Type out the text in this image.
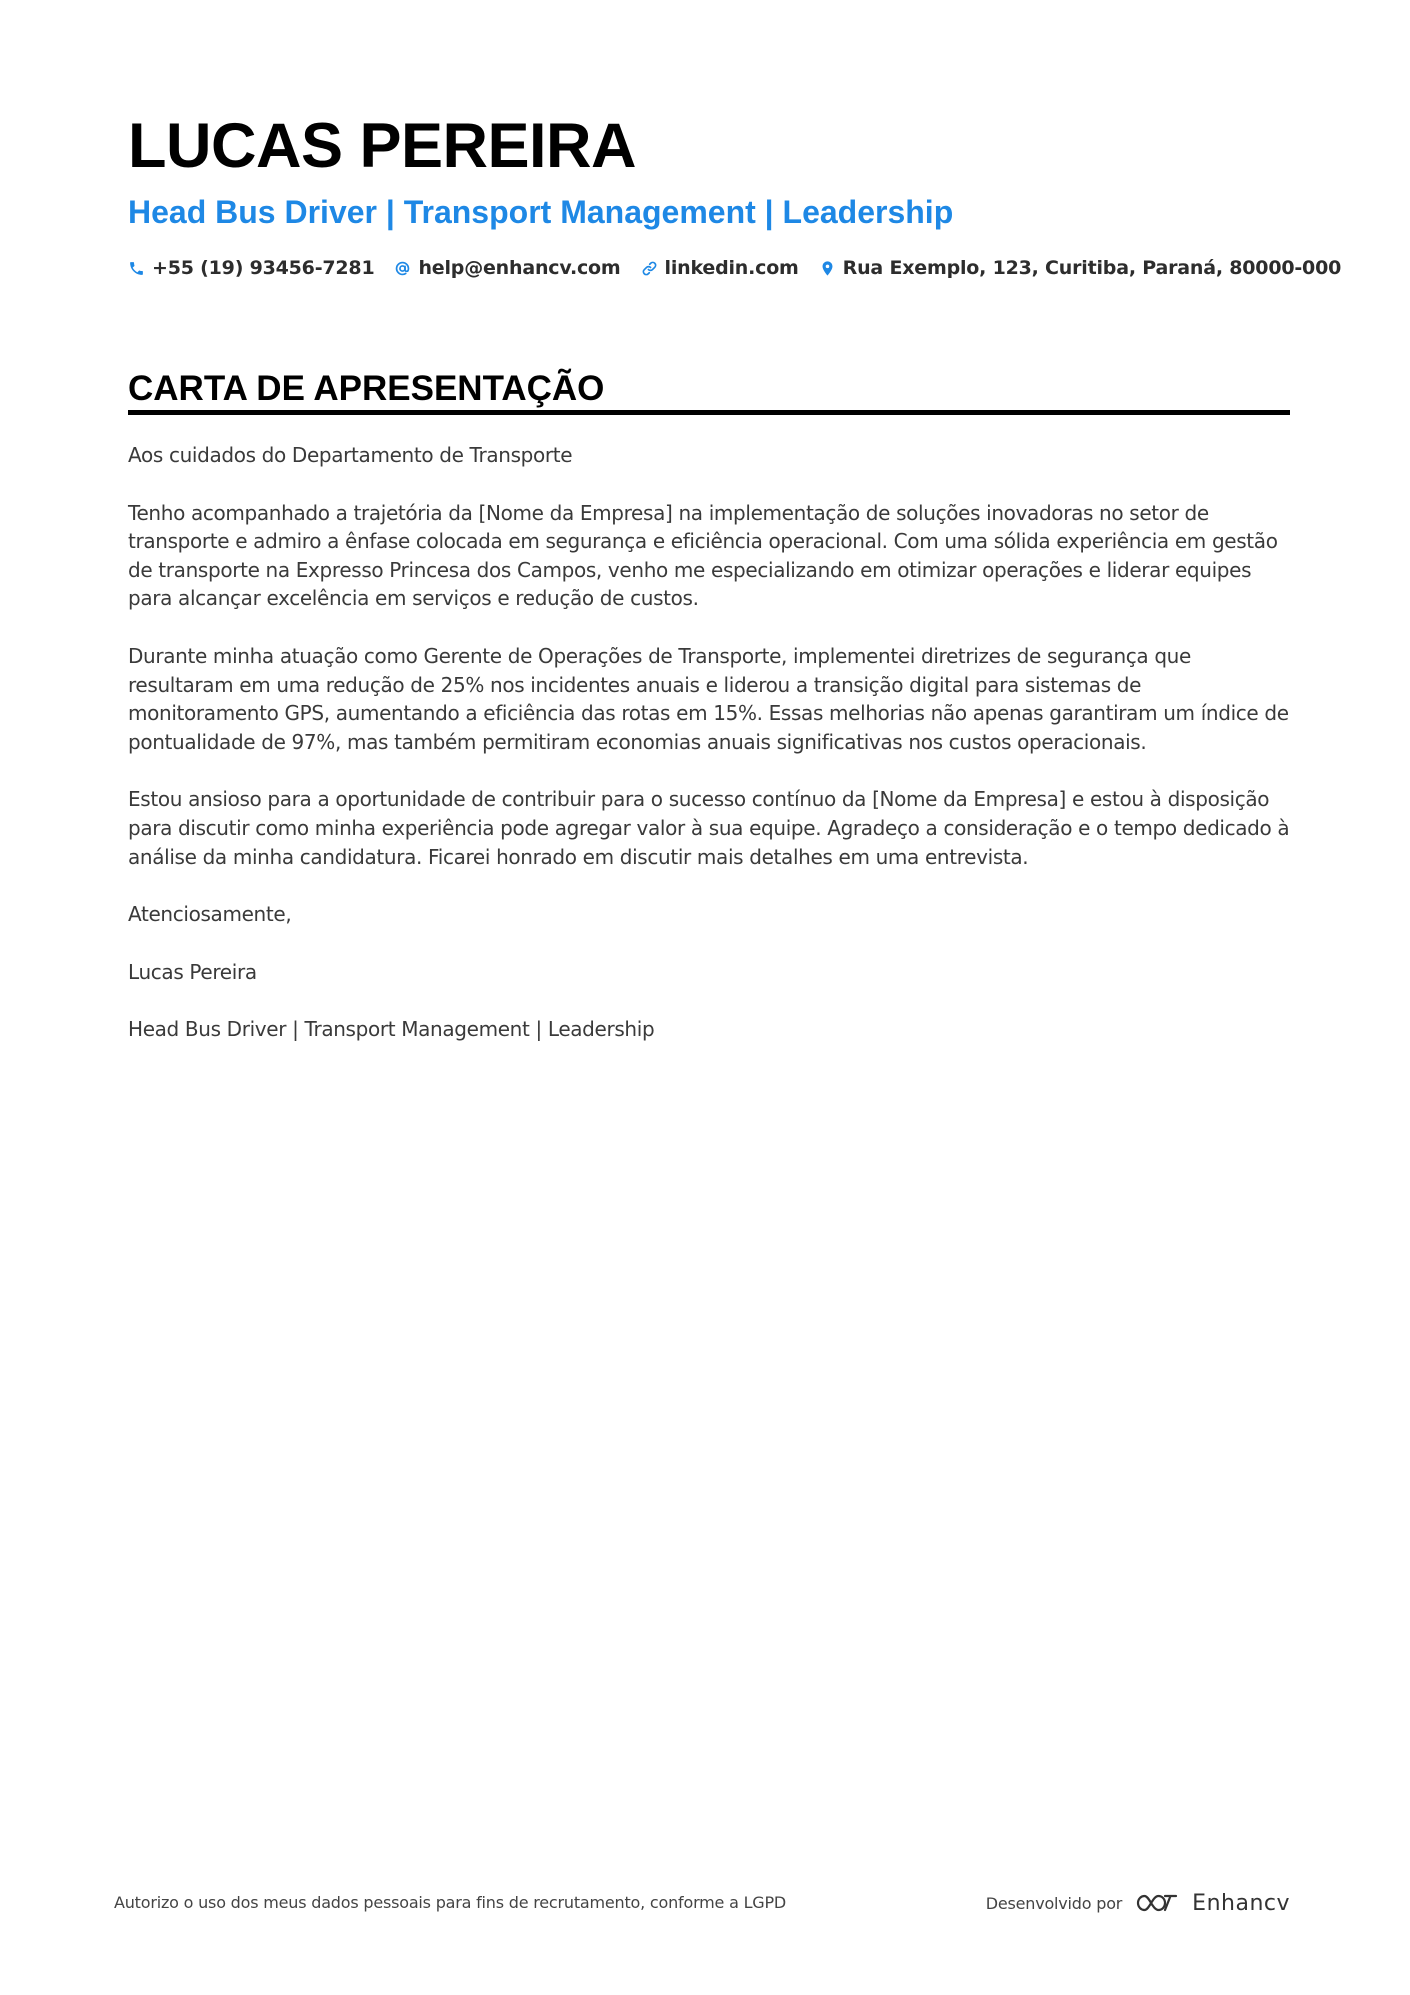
LUCAS PEREIRA
Head Bus Driver | Transport Management | Leadership
+55 (19) 93456-7281 help@enhancv.com linkedin.com Rua Exemplo, 123, Curitiba, Paraná, 80000-000
CARTA DE APRESENTAÇÃO

Aos cuidados do Departamento de Transporte

Tenho acompanhado a trajetória da [Nome da Empresa] na implementação de soluções inovadoras no setor de transporte e admiro a ênfase colocada em segurança e eficiência operacional. Com uma sólida experiência em gestão de transporte na Expresso Princesa dos Campos, venho me especializando em otimizar operações e liderar equipes para alcançar excelência em serviços e redução de custos.

Durante minha atuação como Gerente de Operações de Transporte, implementei diretrizes de segurança que resultaram em uma redução de 25% nos incidentes anuais e liderou a transição digital para sistemas de monitoramento GPS, aumentando a eficiência das rotas em 15%. Essas melhorias não apenas garantiram um índice de pontualidade de 97%, mas também permitiram economias anuais significativas nos custos operacionais.

Estou ansioso para a oportunidade de contribuir para o sucesso contínuo da [Nome da Empresa] e estou à disposição para discutir como minha experiência pode agregar valor à sua equipe. Agradeço a consideração e o tempo dedicado à análise da minha candidatura. Ficarei honrado em discutir mais detalhes em uma entrevista.

Atenciosamente,

Lucas Pereira

Head Bus Driver | Transport Management | Leadership

Autorizo o uso dos meus dados pessoais para fins de recrutamento, conforme a LGPD	Desenvolvido por	Enhancv
